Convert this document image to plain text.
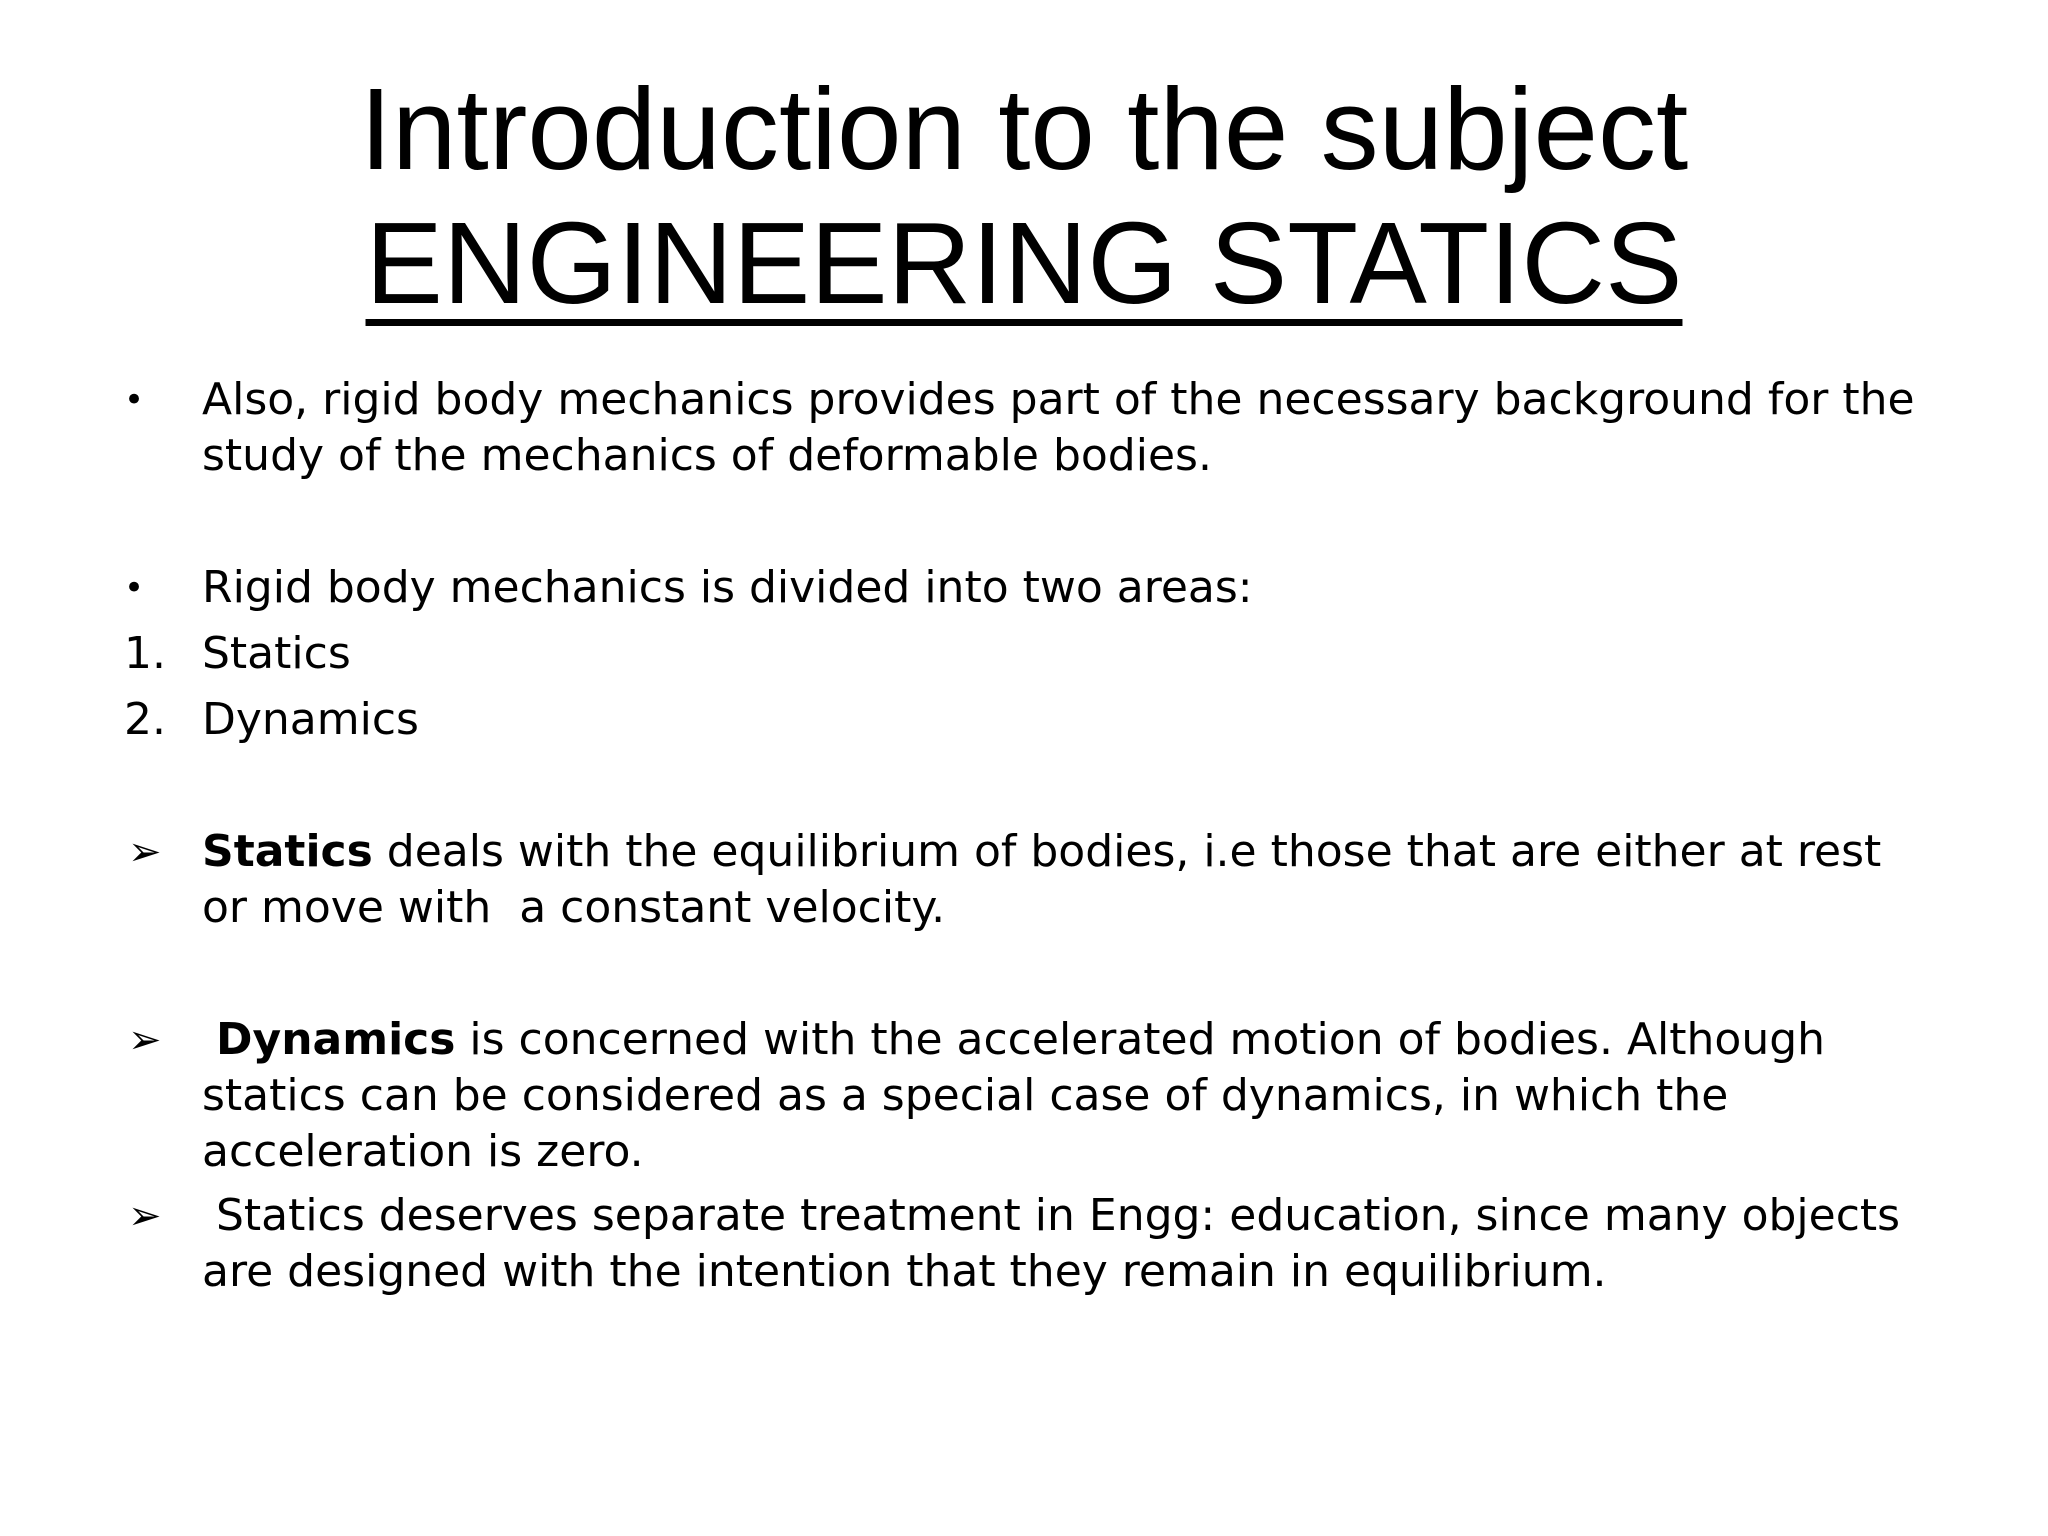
Introduction to the subject
ENGINEERING STATICS
•	Also, rigid body mechanics provides part of the necessary background for the study of the mechanics of deformable bodies.
•	Rigid body mechanics is divided into two areas:
1. Statics
2. Dynamics
➢ Statics deals with the equilibrium of bodies, i.e those that are either at rest or move with  a constant velocity.
➢	Dynamics is concerned with the accelerated motion of bodies. Although statics can be considered as a special case of dynamics, in which the acceleration is zero.
➢ Statics deserves separate treatment in Engg: education, since many objects are designed with the intention that they remain in equilibrium.
